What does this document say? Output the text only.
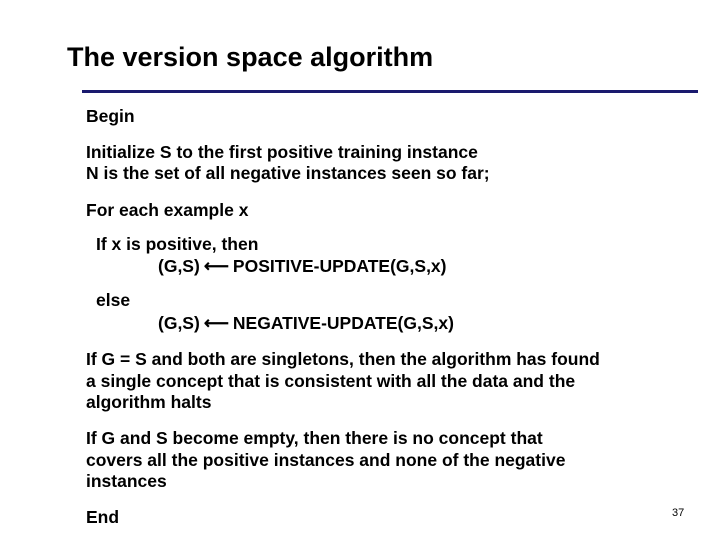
The version space algorithm
Begin
Initialize S to the first positive training instance
N is the set of all negative instances seen so far;
For each example x
If x is positive, then
(G,S) ⟵ POSITIVE-UPDATE(G,S,x)
else
(G,S) ⟵ NEGATIVE-UPDATE(G,S,x)
If G = S and both are singletons, then the algorithm has found
a single concept that is consistent with all the data and the
algorithm halts
If G and S become empty, then there is no concept that
covers all the positive instances and none of the negative
instances
End	37
